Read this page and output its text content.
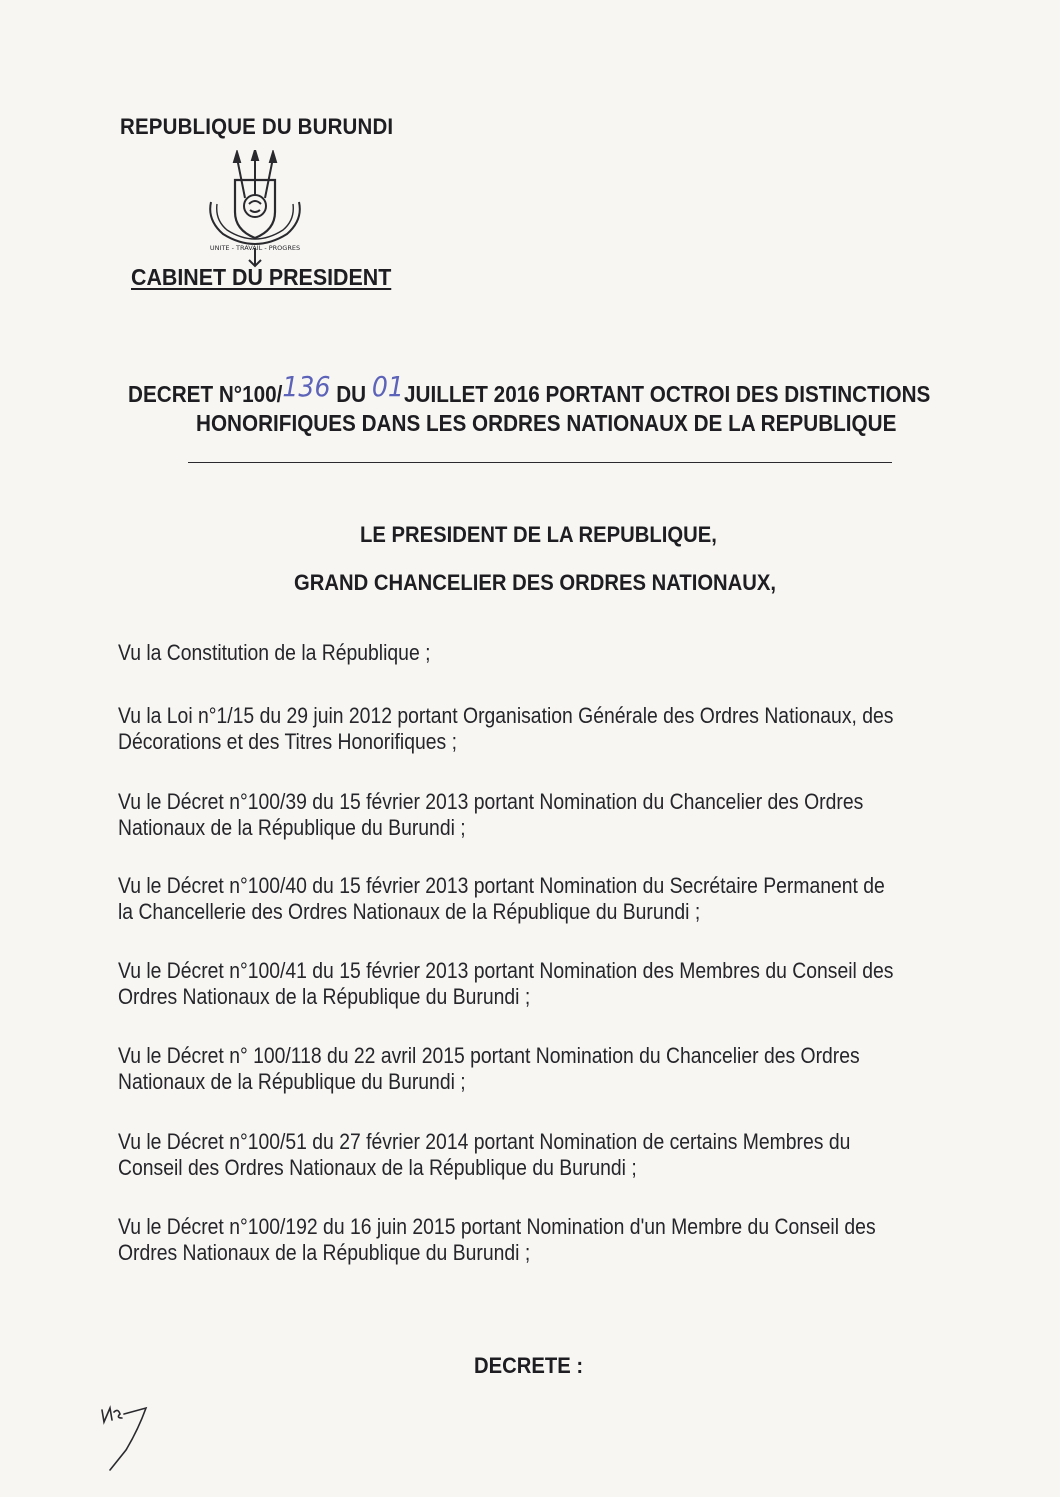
REPUBLIQUE DU BURUNDI
UNITE - TRAVAIL - PROGRES
CABINET DU PRESIDENT
DECRET N°100/136 DU 01JUILLET 2016 PORTANT OCTROI DES DISTINCTIONS
HONORIFIQUES DANS LES ORDRES NATIONAUX DE LA REPUBLIQUE
LE PRESIDENT DE LA REPUBLIQUE,
GRAND CHANCELIER DES ORDRES NATIONAUX,
Vu la Constitution de la République ;
Vu la Loi n°1/15 du 29 juin 2012 portant Organisation Générale des Ordres Nationaux, des
Décorations et des Titres Honorifiques ;
Vu le Décret n°100/39 du 15 février 2013 portant Nomination du Chancelier des Ordres
Nationaux de la République du Burundi ;
Vu le Décret n°100/40 du 15 février 2013 portant Nomination du Secrétaire Permanent de
la Chancellerie des Ordres Nationaux de la République du Burundi ;
Vu le Décret n°100/41 du 15 février 2013 portant Nomination des Membres du Conseil des
Ordres Nationaux de la République du Burundi ;
Vu le Décret n° 100/118 du 22 avril 2015 portant Nomination du Chancelier des Ordres
Nationaux de la République du Burundi ;
Vu le Décret n°100/51 du 27 février 2014 portant Nomination de certains Membres du
Conseil des Ordres Nationaux de la République du Burundi ;
Vu le Décret n°100/192 du 16 juin 2015 portant Nomination d'un Membre du Conseil des
Ordres Nationaux de la République du Burundi ;
DECRETE :
